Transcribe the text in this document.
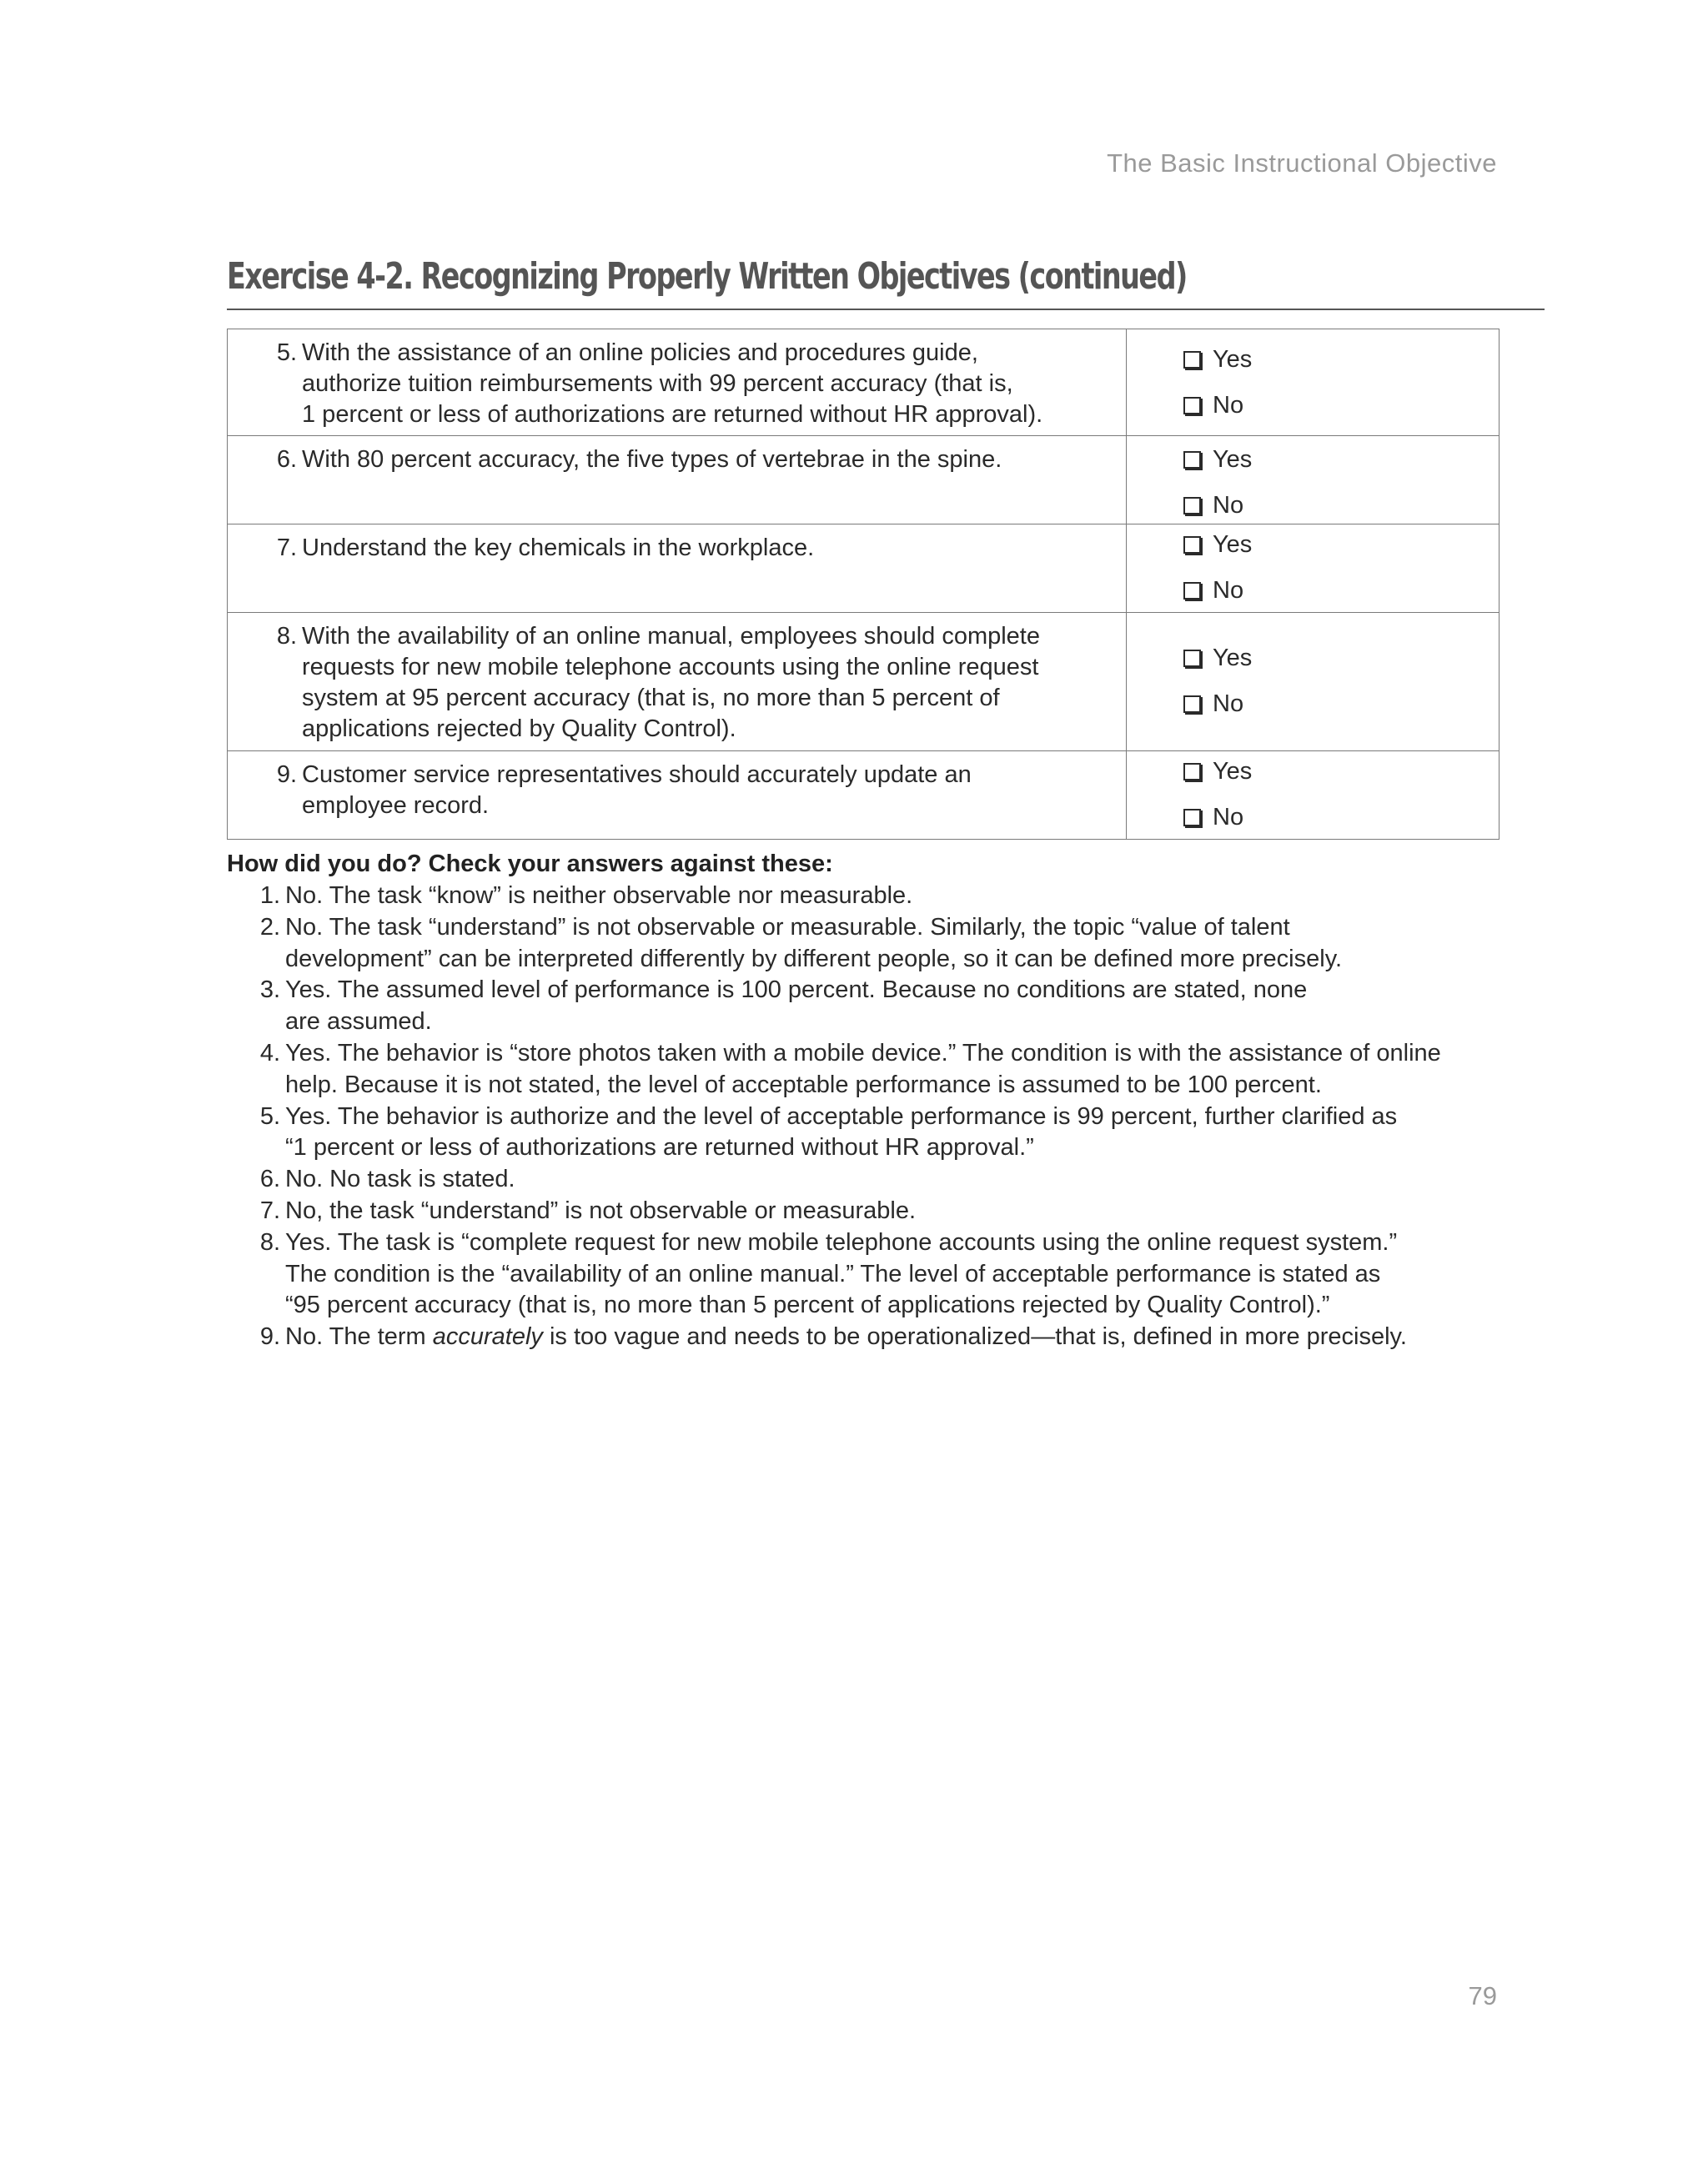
The Basic Instructional Objective
Exercise 4-2. Recognizing Properly Written Objectives (continued)
5. With the assistance of an online policies and procedures guide,
authorize tuition reimbursements with 99 percent accuracy (that is,
1 percent or less of authorizations are returned without HR approval).	Yes
No

6. With 80 percent accuracy, the five types of vertebrae in the spine.	Yes
No

7. Understand the key chemicals in the workplace.	Yes
No

8. With the availability of an online manual, employees should complete
requests for new mobile telephone accounts using the online request
system at 95 percent accuracy (that is, no more than 5 percent of
applications rejected by Quality Control).	Yes
No

9. Customer service representatives should accurately update an
employee record.	Yes
No
How did you do? Check your answers against these:
1. No. The task “know” is neither observable nor measurable.
2. No. The task “understand” is not observable or measurable. Similarly, the topic “value of talent
development” can be interpreted differently by different people, so it can be defined more precisely.
3. Yes. The assumed level of performance is 100 percent. Because no conditions are stated, none
are assumed.
4. Yes. The behavior is “store photos taken with a mobile device.” The condition is with the assistance of online
help. Because it is not stated, the level of acceptable performance is assumed to be 100 percent.
5. Yes. The behavior is authorize and the level of acceptable performance is 99 percent, further clarified as
“1 percent or less of authorizations are returned without HR approval.”
6. No. No task is stated.
7. No, the task “understand” is not observable or measurable.
8. Yes. The task is “complete request for new mobile telephone accounts using the online request system.”
The condition is the “availability of an online manual.” The level of acceptable performance is stated as
“95 percent accuracy (that is, no more than 5 percent of applications rejected by Quality Control).”
9. No. The term accurately is too vague and needs to be operationalized—that is, defined in more precisely.
79
